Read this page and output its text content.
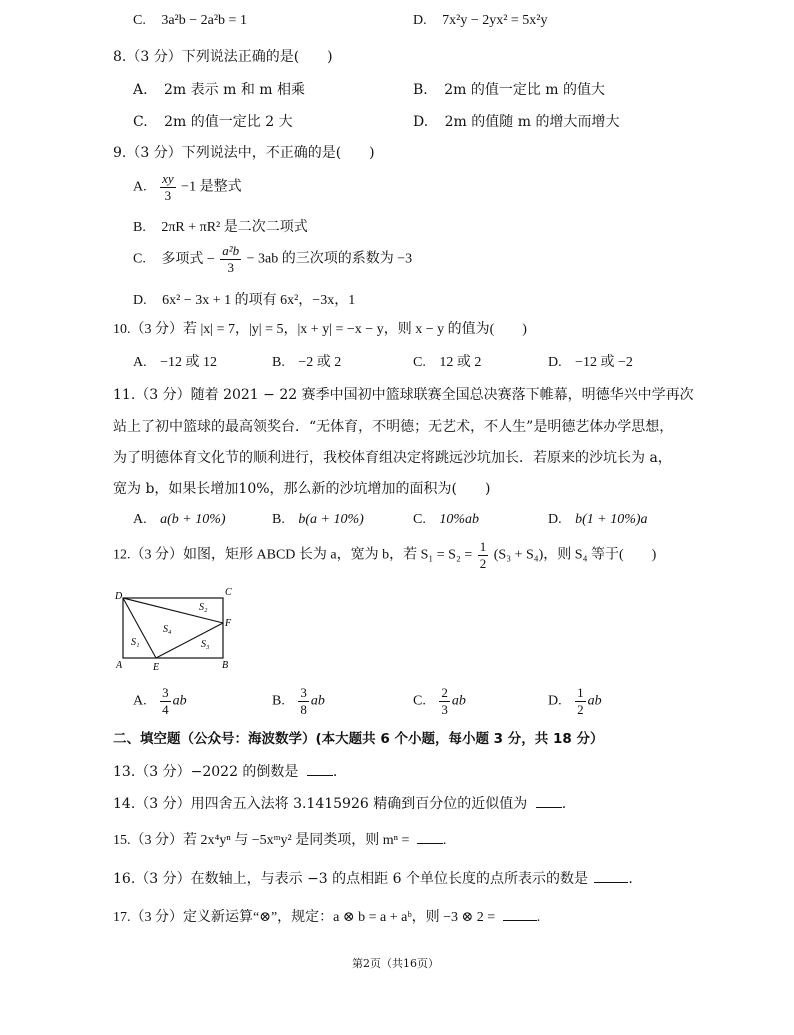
C. 3a²b − 2a²b = 1	D. 7x²y − 2yx² = 5x²y
8.（3 分）下列说法正确的是(　　)
A. 2m 表示 m 和 m 相乘	B. 2m 的值一定比 m 的值大
C. 2m 的值一定比 2 大	D. 2m 的值随 m 的增大而增大
9.（3 分）下列说法中，不正确的是(　　)
A. $\frac{xy}{3} -1$ 是整式
B. 2πR + πR² 是二次二项式
C. 多项式 − $\frac{\text{a²b}}{3} - 3ab$ 的三次项的系数为 −3
D. 6x² − 3x + 1 的项有 6x²，−3x，1
10.（3 分）若 |x| = 7，|y| = 5，|x + y| = −x − y，则 x − y 的值为(　　)
A. −12 或 12	B. −2 或 2	C. 12 或 2	D. −12 或 −2
11.（3 分）随着 2021 − 22 赛季中国初中篮球联赛全国总决赛落下帷幕，明德华兴中学再次
站上了初中篮球的最高领奖台．“无体育，不明德；无艺术，不人生”是明德艺体办学思想，
为了明德体育文化节的顺利进行，我校体育组决定将跳远沙坑加长．若原来的沙坑长为 a，
宽为 b，如果长增加10%，那么新的沙坑增加的面积为(　　)
A. a(b + 10%)	B. b(a + 10%)	C. 10%ab	D. b(1 + 10%)a
12.（3 分）如图，矩形 ABCD 长为 a，宽为 b，若 $S_1 = S_2 = \frac{1}{2} (S_3 + S_4)$，则 S₄ 等于(　　)
D	C
A	E	B
F
S₁
S₂
S₃
S₄
A. $\frac{3}{4}$ ab	B. $\frac{3}{8}$ ab	C. $\frac{2}{3}$ ab	D. $\frac{1}{2}$ ab
二、填空题（公众号：海波数学）(本大题共 6 个小题，每小题 3 分，共 18 分）
13.（3 分）−2022 的倒数是 .
14.（3 分）用四舍五入法将 3.1415926 精确到百分位的近似值为 .
15.（3 分）若 2x⁴yⁿ 与 −5xᵐy² 是同类项，则 mⁿ = .
16.（3 分）在数轴上，与表示 −3 的点相距 6 个单位长度的点所表示的数是	.
17.（3 分）定义新运算“⊗”，规定：a ⊗ b = a + aᵇ，则 −3 ⊗ 2 =	.
第2页（共16页）
